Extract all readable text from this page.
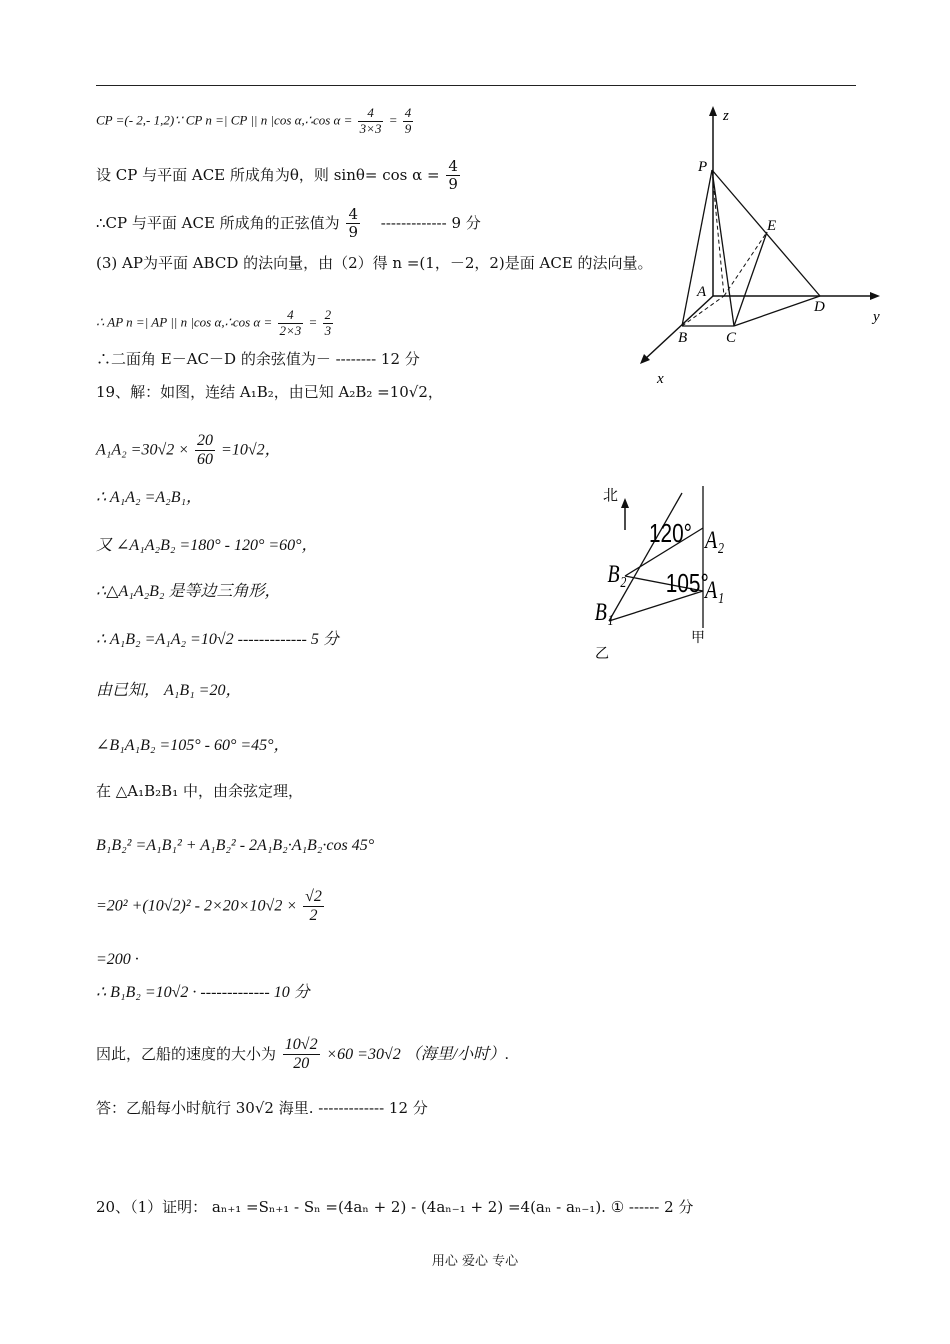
CP =(- 2,- 1,2)∵ CP n =| CP || n |cos α,∴cos $\alpha = \frac{4}{3\times 3} = \frac{4}{9}$
设 CP 与平面 ACE 所成角为θ，则 $\sin\theta= \cos \alpha = \frac{4}{9}$
∴CP 与平面 ACE 所成角的正弦值为 $\frac{4}{9}$ ------------- 9 分
(3) AP为平面 ABCD 的法向量，由（2）得 n =(1，－2，2)是面 ACE 的法向量。
∴ AP n =| AP || n |cos α,∴cos $\alpha = \frac{4}{2\times 3} = \frac{2}{3}$
∴二面角 E－AC－D 的余弦值为－ -------- 12 分
19、解：如图，连结 A₁B₂，由已知 A₂B₂ =10√2，
$A_1A_2 =30√2 \times \frac{20}{60} =10√2$，
∴ A₁A₂ =A₂B₁，
又 ∠A₁A₂B₂ =180° - 120° =60°，
∴△A₁A₂B₂ 是等边三角形，
∴ A₁B₂ =A₁A₂ =10√2 ------------- 5 分
由已知， A₁B₁ =20，
∠B₁A₁B₂ =105° - 60° =45°，
在 △A₁B₂B₁ 中，由余弦定理，
B₁B₂² =A₁B₁² + A₁B₂² - 2A₁B₂·A₁B₂·cos 45°
$=20^2 +(10√2)^2 - 2\times 20\times 10√2 \times \frac{√2}{2}$
=200 ·
∴ B₁B₂ =10√2 · ------------- 10 分
因此，乙船的速度的大小为 $\frac{10√2}{20} \times 60 =30√2$ （海里/小时）.
答：乙船每小时航行 30√2 海里. ------------- 12 分
20、（1）证明： aₙ₊₁ =Sₙ₊₁ - Sₙ =(4aₙ + 2) - (4aₙ₋₁ + 2) =4(aₙ - aₙ₋₁). ① ------ 2 分
z
P
E
A
D
y
B	C
x
北
120° A₂
B₂ 105°
A₁
B₁
甲
乙
用心 爱心 专心
